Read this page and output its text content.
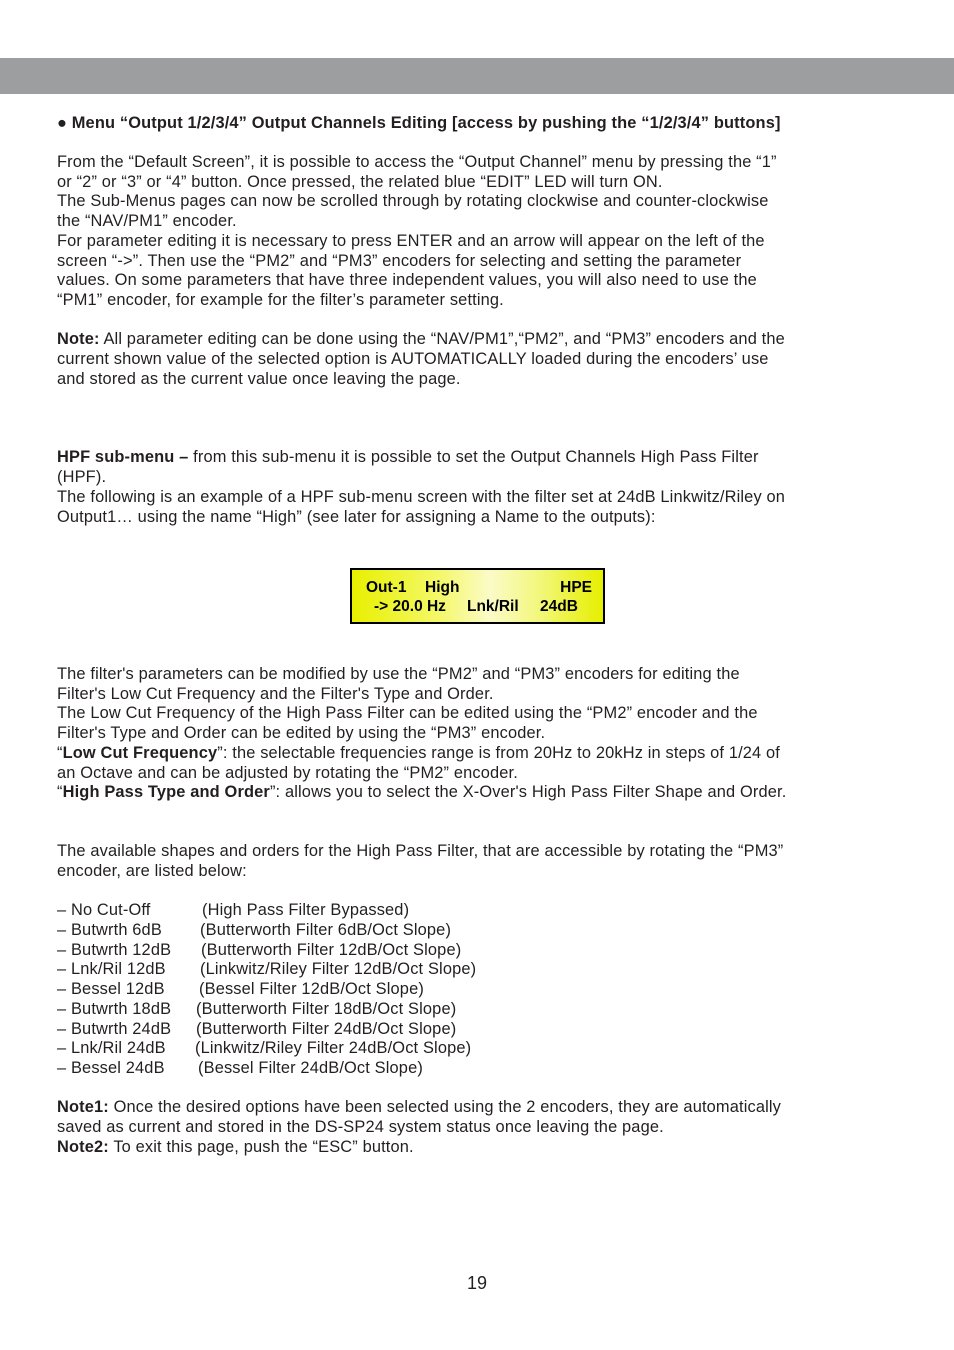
● Menu “Output 1/2/3/4” Output Channels Editing [access by pushing the “1/2/3/4” buttons]

From the “Default Screen”, it is possible to access the “Output Channel” menu by pressing the “1”

or “2” or “3” or “4” button. Once pressed, the related blue “EDIT” LED will turn ON.

The Sub-Menus pages can now be scrolled through by rotating clockwise and counter-clockwise

the “NAV/PM1” encoder.

For parameter editing it is necessary to press ENTER and an arrow will appear on the left of the

screen “->”. Then use the “PM2” and “PM3” encoders for selecting and setting the parameter

values. On some parameters that have three independent values, you will also need to use the

“PM1” encoder, for example for the filter’s parameter setting.

Note: All parameter editing can be done using the “NAV/PM1”,“PM2”, and “PM3” encoders and the

current shown value of the selected option is AUTOMATICALLY loaded during the encoders’ use

and stored as the current value once leaving the page.

HPF sub-menu – from this sub-menu it is possible to set the Output Channels High Pass Filter

(HPF).

The following is an example of a HPF sub-menu screen with the filter set at 24dB Linkwitz/Riley on

Output1… using the name “High” (see later for assigning a Name to the outputs):

The filter's parameters can be modified by use the “PM2” and “PM3” encoders for editing the

Filter's Low Cut Frequency and the Filter's Type and Order.

The Low Cut Frequency of the High Pass Filter can be edited using the “PM2” encoder and the

Filter's Type and Order can be edited by using the “PM3” encoder.

“Low Cut Frequency”: the selectable frequencies range is from 20Hz to 20kHz in steps of 1/24 of

an Octave and can be adjusted by rotating the “PM2” encoder.

“High Pass Type and Order”: allows you to select the X-Over's High Pass Filter Shape and Order.

The available shapes and orders for the High Pass Filter, that are accessible by rotating the “PM3”

encoder, are listed below:

– No Cut-Off	(High Pass Filter Bypassed)
– Butwrth 6dB (Butterworth Filter 6dB/Oct Slope)
– Butwrth 12dB (Butterworth Filter 12dB/Oct Slope)
– Lnk/Ril 12dB (Linkwitz/Riley Filter 12dB/Oct Slope)
– Bessel 12dB (Bessel Filter 12dB/Oct Slope)
– Butwrth 18dB (Butterworth Filter 18dB/Oct Slope)
– Butwrth 24dB (Butterworth Filter 24dB/Oct Slope)
– Lnk/Ril 24dB (Linkwitz/Riley Filter 24dB/Oct Slope)
– Bessel 24dB (Bessel Filter 24dB/Oct Slope)

Note1: Once the desired options have been selected using the 2 encoders, they are automatically

saved as current and stored in the DS-SP24 system status once leaving the page.

Note2: To exit this page, push the “ESC” button.

Out-1 High	HPE
-> 20.0 Hz Lnk/Ril 24dB
19
